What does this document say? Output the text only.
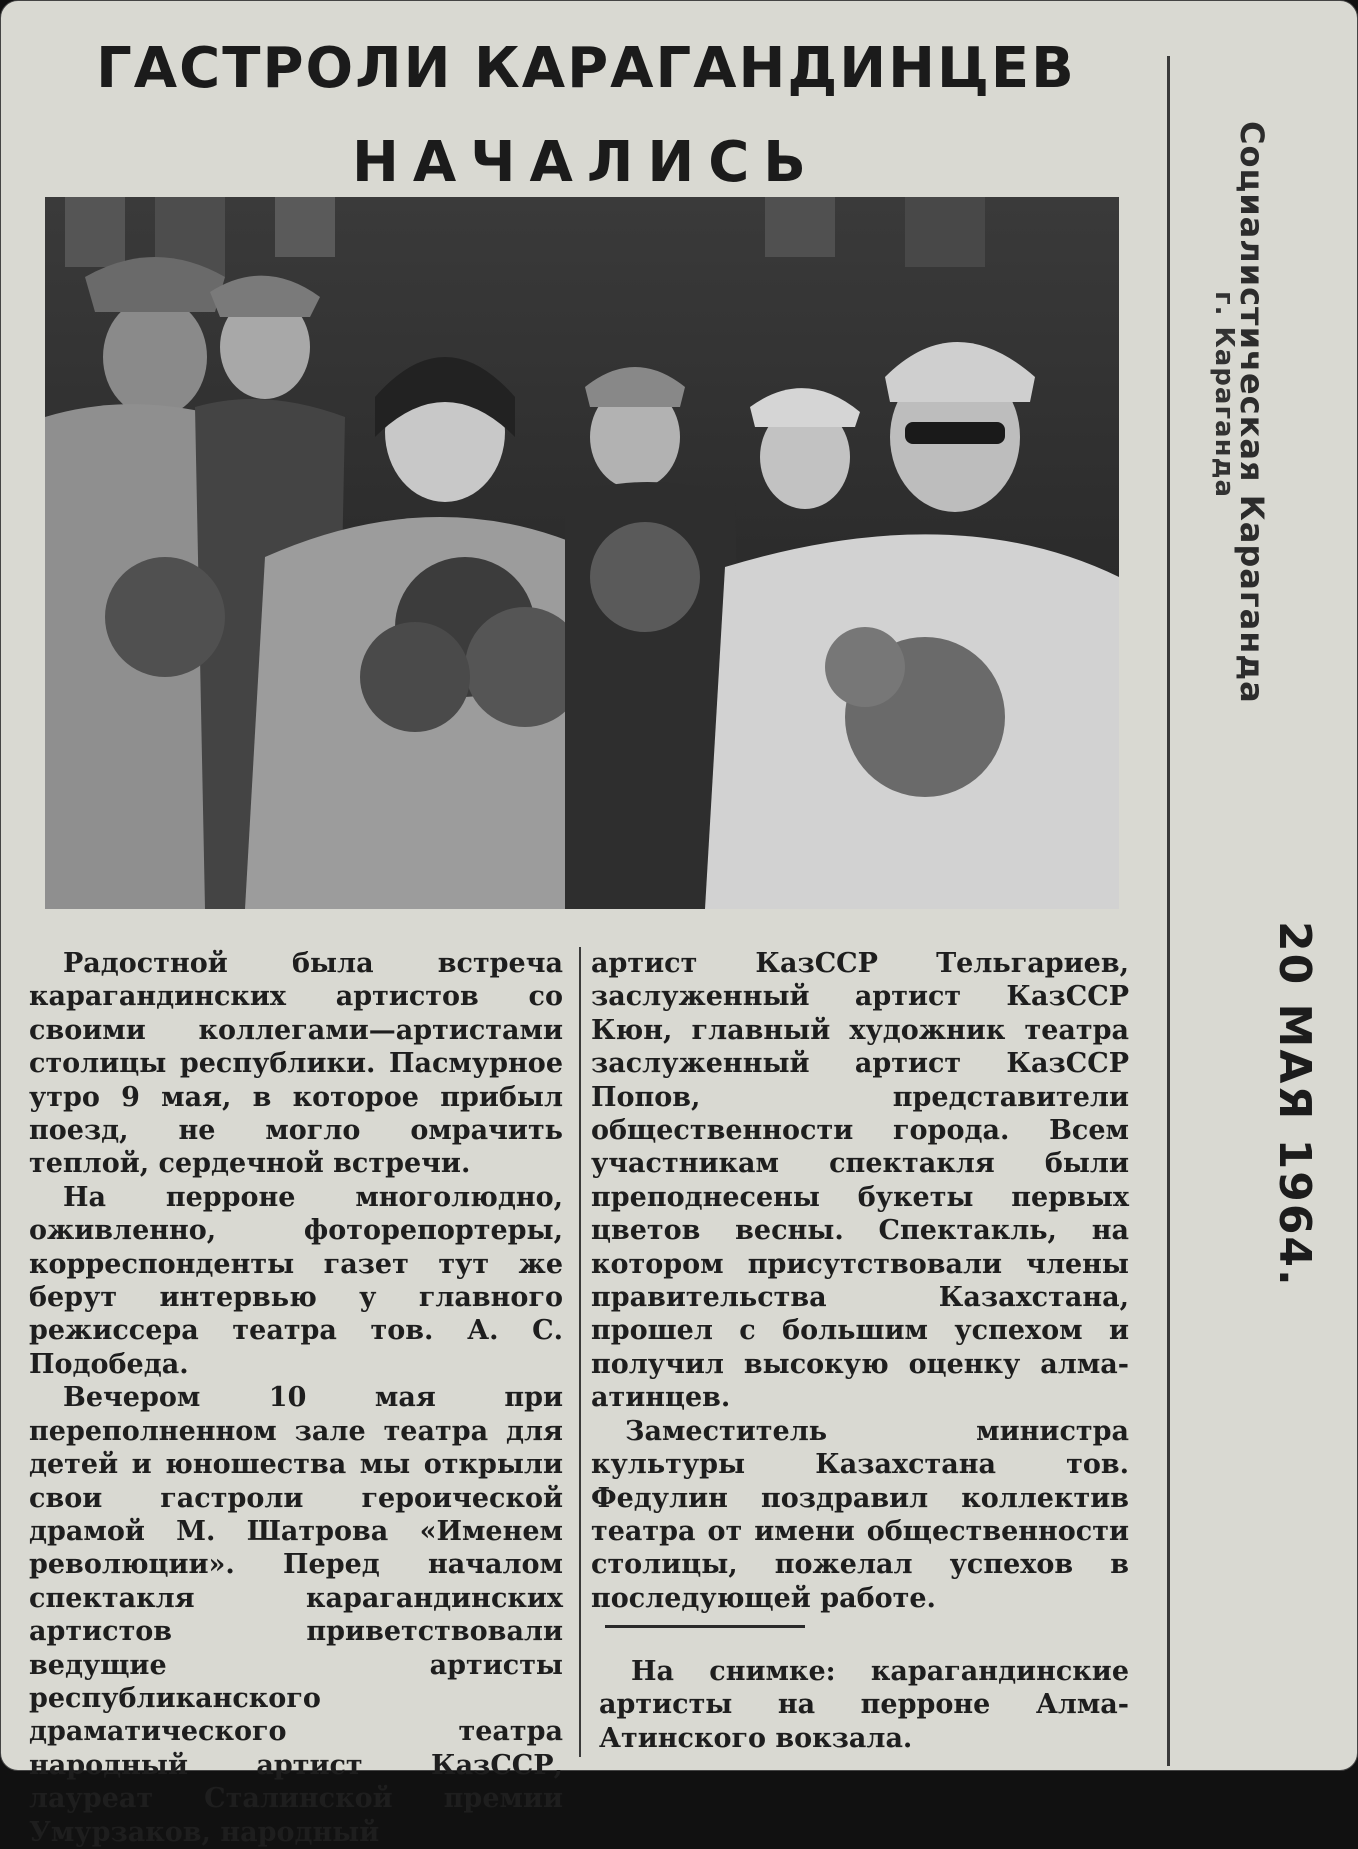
ГАСТРОЛИ КАРАГАНДИНЦЕВ
НАЧАЛИСЬ

Радостной была встреча карагандинских артистов со своими коллегами—артистами столицы республики. Пасмурное утро 9 мая, в которое прибыл поезд, не могло омрачить теплой, сердечной встречи.

На перроне многолюдно, оживленно, фоторепортеры, корреспонденты газет тут же берут интервью у главного режиссера театра тов. А. С. Подобеда.

Вечером 10 мая при переполненном зале театра для детей и юношества мы открыли свои гастроли героической драмой М. Шатрова «Именем революции». Перед началом спектакля карагандинских артистов приветствовали ведущие артисты республиканского драматического театра народный артист КазССР, лауреат Сталинской премии Умурзаков, народный

артист КазССР Тельгариев, заслуженный артист КазССР Кюн, главный художник театра заслуженный артист КазССР Попов, представители общественности города. Всем участникам спектакля были преподнесены букеты первых цветов весны. Спектакль, на котором присутствовали члены правительства Казахстана, прошел с большим успехом и получил высокую оценку алма-атинцев.

Заместитель министра культуры Казахстана тов. Федулин поздравил коллектив театра от имени общественности столицы, пожелал успехов в последующей работе.

На снимке: карагандинские артисты на перроне Алма-Атинского вокзала.
Социалистическая Караганда
г. Караганда
20 МАЯ 1964.
